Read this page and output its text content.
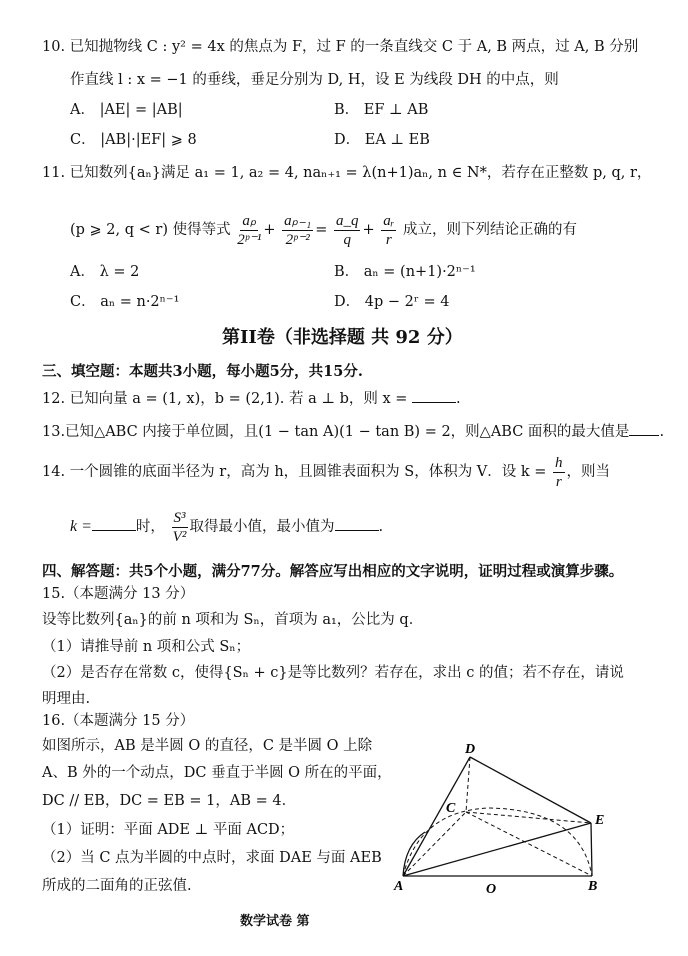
10. 已知抛物线 C : y² = 4x 的焦点为 F，过 F 的一条直线交 C 于 A, B 两点，过 A, B 分别
作直线 l : x = −1 的垂线，垂足分别为 D, H，设 E 为线段 DH 的中点，则
A． |AE| = |AB|	B． EF ⊥ AB
C． |AB|·|EF| ⩾ 8	D． EA ⊥ EB
11. 已知数列{aₙ}满足 a₁ = 1, a₂ = 4, naₙ₊₁ = λ(n+1)aₙ, n ∈ N*，若存在正整数 p, q, r，
(p ⩾ 2, q < r) 使得等式 $\frac{\text{aₚ}}{\text{2ᵖ⁻¹}} + \frac{\text{aₚ₋₁}}{\text{2ᵖ⁻²}} = \frac{a\_q}{q} + \frac{\text{aᵣ}}{r}$ 成立，则下列结论正确的有
A． λ = 2	B． aₙ = (n+1)·2ⁿ⁻¹
C． aₙ = n·2ⁿ⁻¹	D． 4p − 2ʳ = 4
第II卷（非选择题 共 92 分）
三、填空题：本题共3小题，每小题5分，共15分.
12. 已知向量 a = (1, x)，b = (2,1). 若 a ⊥ b，则 x =	.
13.已知△ABC 内接于单位圆，且(1 − tan A)(1 − tan B) = 2，则△ABC 面积的最大值是 .
14. 一个圆锥的底面半径为 r，高为 h，且圆锥表面积为 S，体积为 V．设 $k = \frac{h}{r}$ ，则当
k =	时， $\frac{\text{S³}}{\text{V²}}$ 取得最小值，最小值为	.
四、解答题：共5个小题，满分77分。解答应写出相应的文字说明，证明过程或演算步骤。
15.（本题满分 13 分）
设等比数列{aₙ}的前 n 项和为 Sₙ，首项为 a₁，公比为 q．
（1）请推导前 n 项和公式 Sₙ；
（2）是否存在常数 c，使得{Sₙ + c}是等比数列？若存在，求出 c 的值；若不存在，请说
明理由.
16.（本题满分 15 分）
如图所示，AB 是半圆 O 的直径，C 是半圆 O 上除
A、B 外的一个动点，DC 垂直于半圆 O 所在的平面，
DC // EB，DC = EB = 1，AB = 4．
（1）证明：平面 ADE ⊥ 平面 ACD；
（2）当 C 点为半圆的中点时，求面 DAE 与面 AEB
所成的二面角的正弦值.	A	B
C
D
E
O
数学试卷 第
